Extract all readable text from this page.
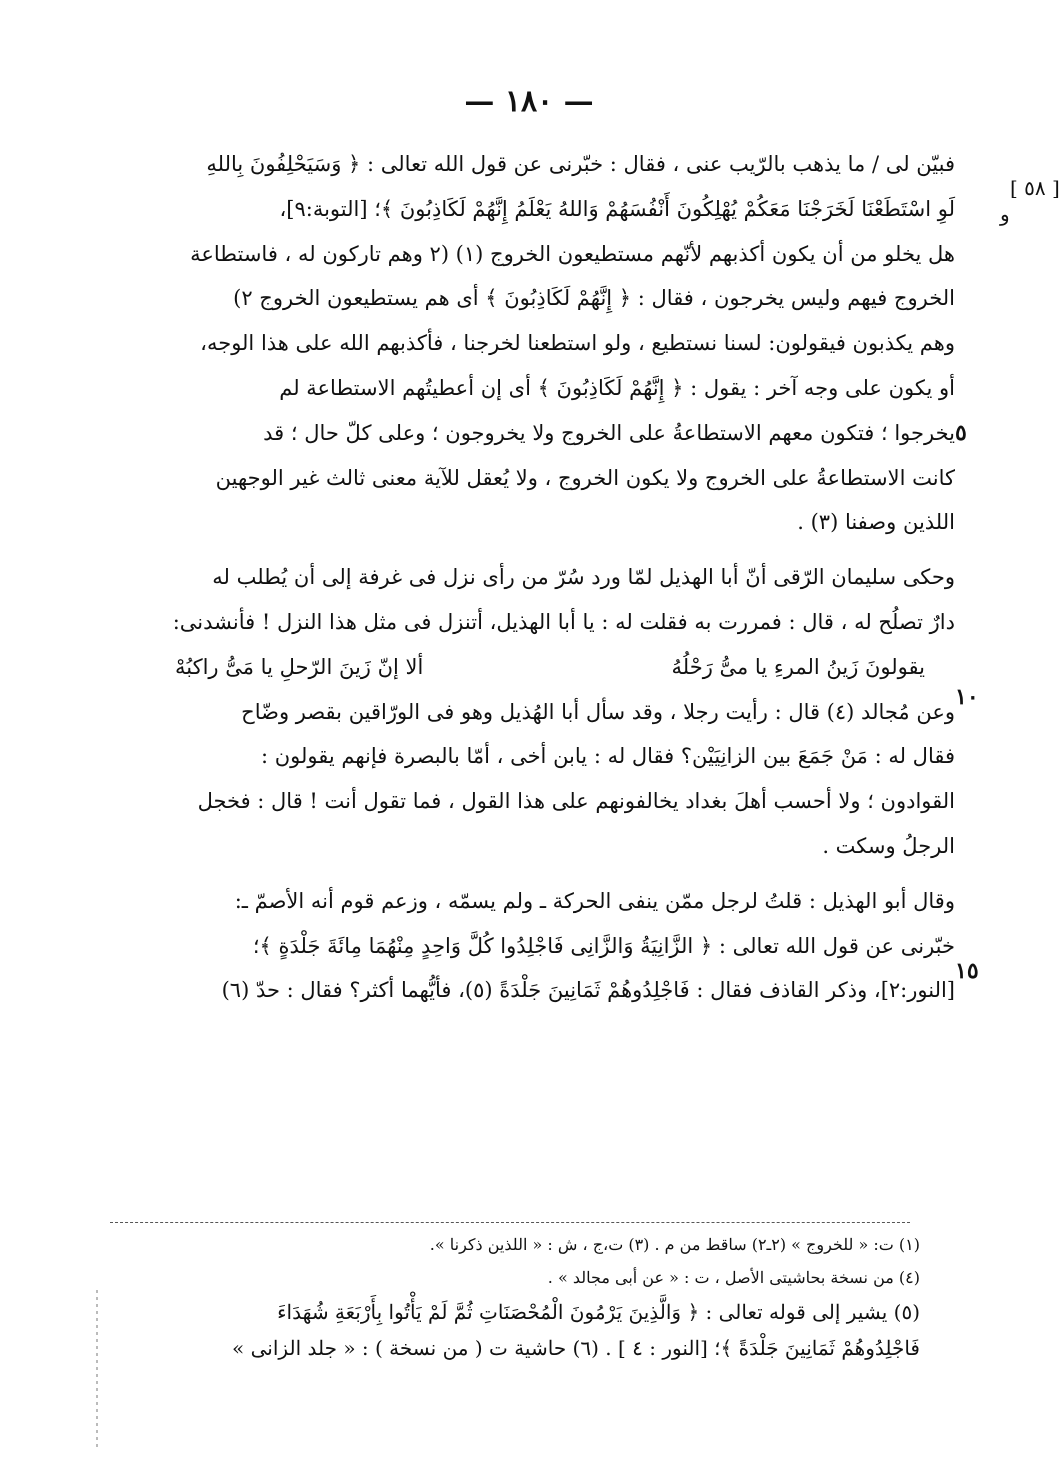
— ١٨٠ —
[ ٥٨ ]
و
٥
١٠
١٥

فبيّن لى / ما يذهب بالرّيب عنى ، فقال : خبّرنى عن قول الله تعالى : ﴿ وَسَيَحْلِفُونَ بِاللهِ

لَوِ اسْتَطَعْنَا لَخَرَجْنَا مَعَكُمْ يُهْلِكُونَ أَنْفُسَهُمْ وَاللهُ يَعْلَمُ إِنَّهُمْ لَكَاذِبُونَ ﴾؛ [التوبة:٩]،

هل يخلو من أن يكون أكذبهم لأنّهم مستطيعون الخروج (١) (٢ وهم تاركون له ، فاستطاعة

الخروج فيهم وليس يخرجون ، فقال : ﴿ إِنَّهُمْ لَكَاذِبُونَ ﴾ أى هم يستطيعون الخروج ٢)

وهم يكذبون فيقولون: لسنا نستطيع ، ولو استطعنا لخرجنا ، فأكذبهم الله على هذا الوجه،

أو يكون على وجه آخر : يقول : ﴿ إِنَّهُمْ لَكَاذِبُونَ ﴾ أى إن أعطيتُهم الاستطاعة لم

يخرجوا ؛ فتكون معهم الاستطاعةُ على الخروج ولا يخروجون ؛ وعلى كلّ حال ؛ قد

كانت الاستطاعةُ على الخروج ولا يكون الخروج ، ولا يُعقل للآية معنى ثالث غير الوجهين

اللذين وصفنا (٣) .

وحكى سليمان الرّقى أنّ أبا الهذيل لمّا ورد سُرّ من رأى نزل فى غرفة إلى أن يُطلب له

دارٌ تصلُح له ، قال : فمررت به فقلت له : يا أبا الهذيل، أتنزل فى مثل هذا النزل ! فأنشدنى:

يقولونَ زَينُ المرءِ يا مىُّ رَحْلُهُ
ألا إنّ زَينَ الرّحلِ يا مَىُّ راكبُهْ

وعن مُجالد (٤) قال : رأيت رجلا ، وقد سأل أبا الهُذيل وهو فى الورّاقين بقصر وضّاح

فقال له : مَنْ جَمَعَ بين الزانِيَيْن؟ فقال له : يابن أخى ، أمّا بالبصرة فإنهم يقولون :

القوادون ؛ ولا أحسب أهلَ بغداد يخالفونهم على هذا القول ، فما تقول أنت ! قال : فخجل

الرجلُ وسكت .

وقال أبو الهذيل : قلتُ لرجل ممّن ينفى الحركة ـ ولم يسمّه ، وزعم قوم أنه الأصمّ ـ:

خبّرنى عن قول الله تعالى : ﴿ الزَّانِيَةُ وَالزَّانِى فَاجْلِدُوا كُلَّ وَاحِدٍ مِنْهُمَا مِائَةَ جَلْدَةٍ ﴾؛

[النور:٢]، وذكر القاذف فقال : فَاجْلِدُوهُمْ ثَمَانِينَ جَلْدَةً (٥)، فأيُّهما أكثر؟ فقال : حدّ (٦)

(١) ت: « للخروج » (٢ـ٢) ساقط من م . (٣) ت،ج ، ش : « اللذين ذكرنا ».

(٤) من نسخة بحاشيتى الأصل ، ت : « عن أبى مجالد » .

(٥) يشير إلى قوله تعالى : ﴿ وَالَّذِينَ يَرْمُونَ الْمُحْصَنَاتِ ثُمَّ لَمْ يَأْتُوا بِأَرْبَعَةِ شُهَدَاءَ

فَاجْلِدُوهُمْ ثَمَانِينَ جَلْدَةً ﴾؛ [النور : ٤ ] . (٦) حاشية ت ( من نسخة ) : « جلد الزانى »
